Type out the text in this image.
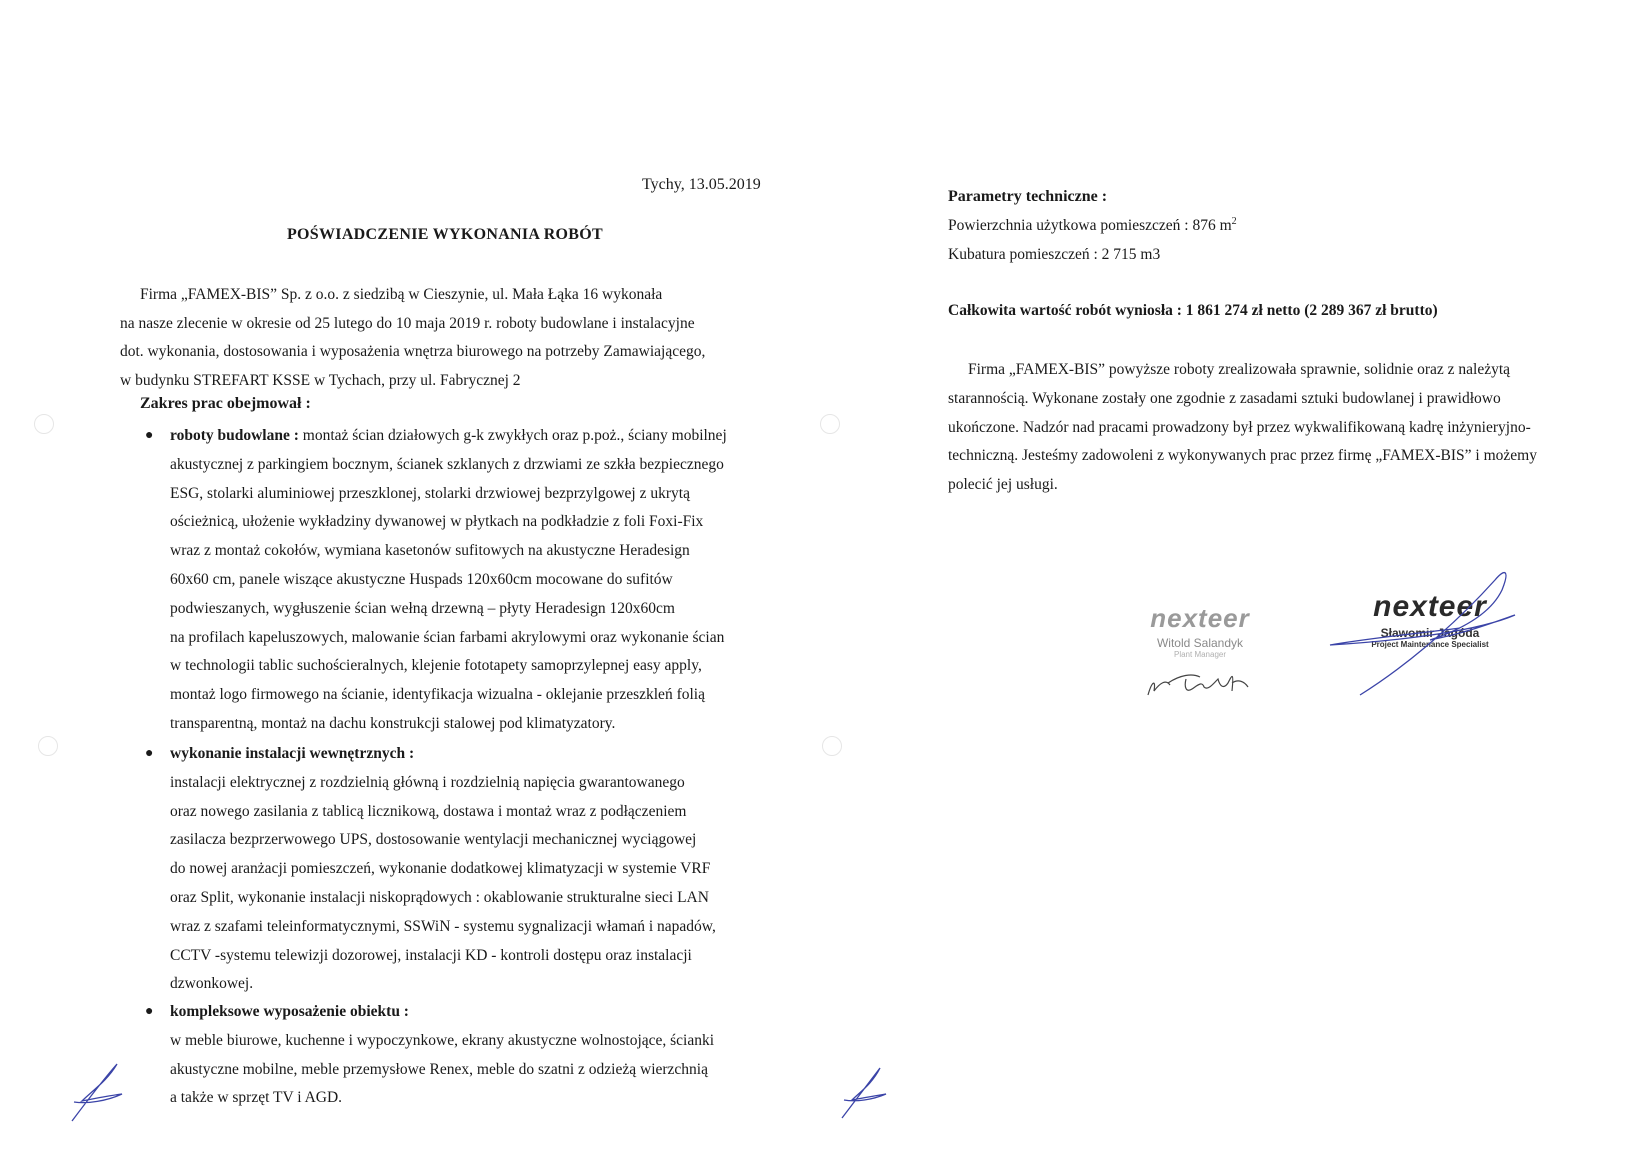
Tychy, 13.05.2019
POŚWIADCZENIE WYKONANIA ROBÓT

Firma „FAMEX-BIS” Sp. z o.o. z siedzibą w Cieszynie, ul. Mała Łąka 16 wykonała

na nasze zlecenie w okresie od 25 lutego do 10 maja 2019 r. roboty budowlane i instalacyjne

dot. wykonania, dostosowania i wyposażenia wnętrza biurowego na potrzeby Zamawiającego,

w budynku STREFART KSSE w Tychach, przy ul. Fabrycznej 2

Zakres prac obejmował :
● roboty budowlane : montaż ścian działowych g-k zwykłych oraz p.poż., ściany mobilnej
akustycznej z parkingiem bocznym, ścianek szklanych z drzwiami ze szkła bezpiecznego
ESG, stolarki aluminiowej przeszklonej, stolarki drzwiowej bezprzylgowej z ukrytą
ościeżnicą, ułożenie wykładziny dywanowej w płytkach na podkładzie z foli Foxi-Fix
wraz z montaż cokołów, wymiana kasetonów sufitowych na akustyczne Heradesign
60x60 cm, panele wiszące akustyczne Huspads 120x60cm mocowane do sufitów
podwieszanych, wygłuszenie ścian wełną drzewną – płyty Heradesign 120x60cm
na profilach kapeluszowych, malowanie ścian farbami akrylowymi oraz wykonanie ścian
w technologii tablic suchościeralnych, klejenie fototapety samoprzylepnej easy apply,
montaż logo firmowego na ścianie, identyfikacja wizualna - oklejanie przeszkleń folią
transparentną, montaż na dachu konstrukcji stalowej pod klimatyzatory.
● wykonanie instalacji wewnętrznych :
instalacji elektrycznej z rozdzielnią główną i rozdzielnią napięcia gwarantowanego
oraz nowego zasilania z tablicą licznikową, dostawa i montaż wraz z podłączeniem
zasilacza bezprzerwowego UPS, dostosowanie wentylacji mechanicznej wyciągowej
do nowej aranżacji pomieszczeń, wykonanie dodatkowej klimatyzacji w systemie VRF
oraz Split, wykonanie instalacji niskoprądowych : okablowanie strukturalne sieci LAN
wraz z szafami teleinformatycznymi, SSWiN - systemu sygnalizacji włamań i napadów,
CCTV -systemu telewizji dozorowej, instalacji KD - kontroli dostępu oraz instalacji
dzwonkowej.
● kompleksowe wyposażenie obiektu :
w meble biurowe, kuchenne i wypoczynkowe, ekrany akustyczne wolnostojące, ścianki
akustyczne mobilne, meble przemysłowe Renex, meble do szatni z odzieżą wierzchnią
a także w sprzęt TV i AGD.
Parametry techniczne :
Powierzchnia użytkowa pomieszczeń : 876 $m^2$
Kubatura pomieszczeń : 2 715 m3
Całkowita wartość robót wyniosła : 1 861 274 zł netto (2 289 367 zł brutto)
Firma „FAMEX-BIS” powyższe roboty zrealizowała sprawnie, solidnie oraz z należytą
starannością. Wykonane zostały one zgodnie z zasadami sztuki budowlanej i prawidłowo
ukończone. Nadzór nad pracami prowadzony był przez wykwalifikowaną kadrę inżynieryjno-
techniczną. Jesteśmy zadowoleni z wykonywanych prac przez firmę „FAMEX-BIS” i możemy
polecić jej usługi.
nexteer
Witold Salandyk
Plant Manager
nexteer
Sławomir Jagóda
Project Maintenance Specialist
